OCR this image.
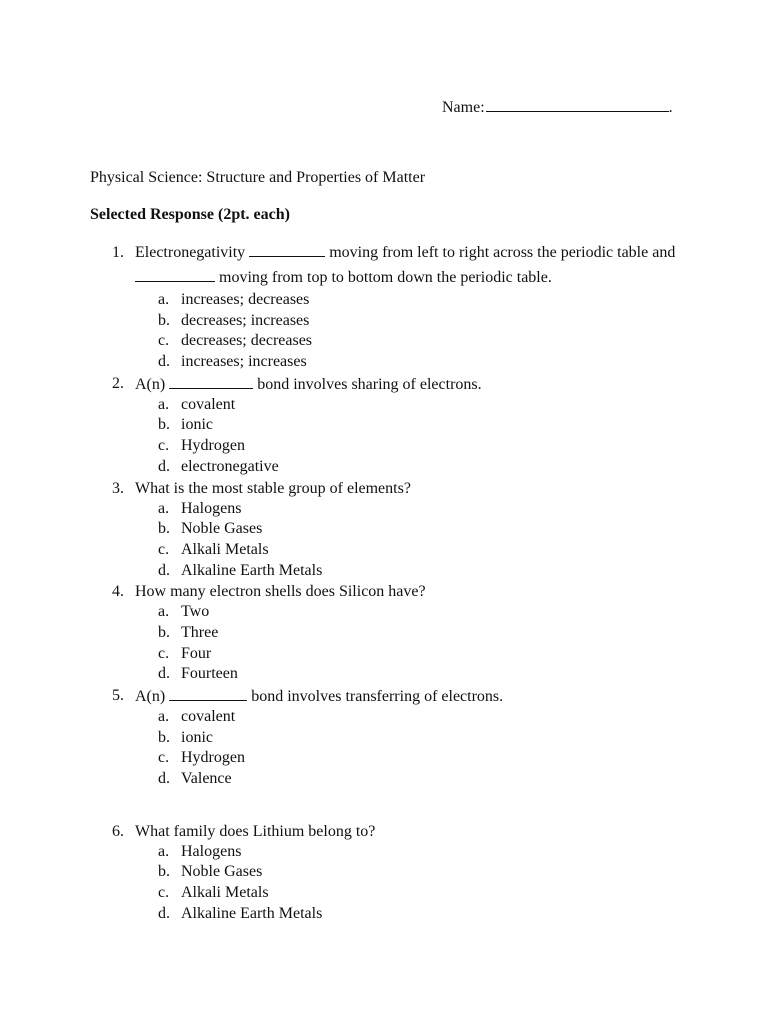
Name:	.
Physical Science: Structure and Properties of Matter
Selected Response (2pt. each)
1. Electronegativity	moving from left to right across the periodic table and  moving from top to bottom down the periodic table.
a. increases; decreases
b. decreases; increases
c. decreases; decreases
d. increases; increases
2. A(n)	bond involves sharing of electrons.
a. covalent
b. ionic
c. Hydrogen
d. electronegative
3. What is the most stable group of elements?
a. Halogens
b. Noble Gases
c. Alkali Metals
d. Alkaline Earth Metals
4. How many electron shells does Silicon have?
a. Two
b. Three
c. Four
d. Fourteen
5. A(n)	bond involves transferring of electrons.
a. covalent
b. ionic
c. Hydrogen
d. Valence
6. What family does Lithium belong to?
a. Halogens
b. Noble Gases
c. Alkali Metals
d. Alkaline Earth Metals
